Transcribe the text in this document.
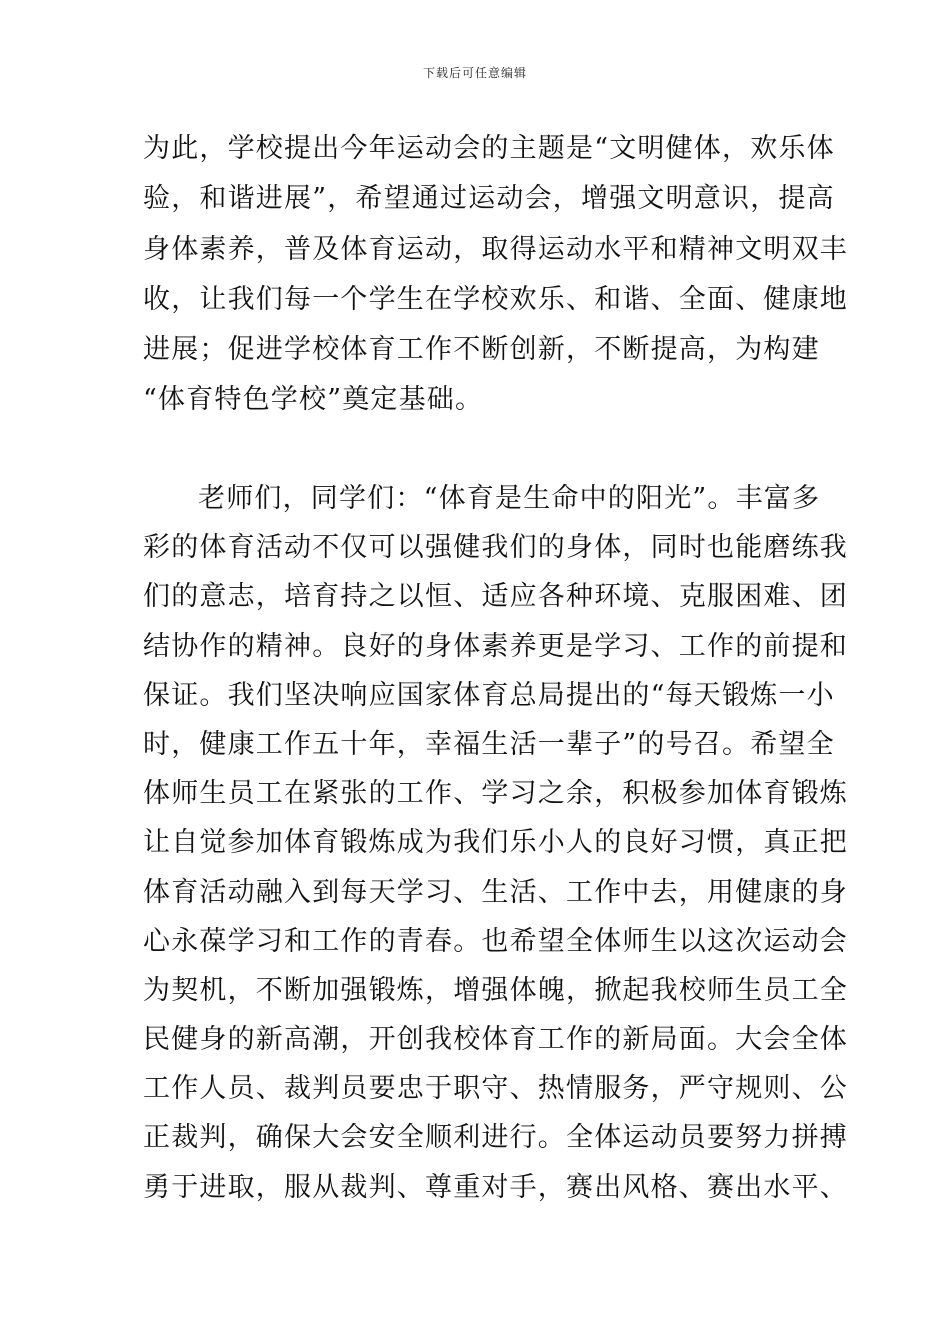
下载后可任意编辑
为此，学校提出今年运动会的主题是“文明健体，欢乐体
验，和谐进展”，希望通过运动会，增强文明意识，提高
身体素养，普及体育运动，取得运动水平和精神文明双丰
收，让我们每一个学生在学校欢乐、和谐、全面、健康地
进展；促进学校体育工作不断创新，不断提高，为构建
“体育特色学校”奠定基础。
老师们，同学们：“体育是生命中的阳光”。丰富多
彩的体育活动不仅可以强健我们的身体，同时也能磨练我
们的意志，培育持之以恒、适应各种环境、克服困难、团
结协作的精神。良好的身体素养更是学习、工作的前提和
保证。我们坚决响应国家体育总局提出的“每天锻炼一小
时，健康工作五十年，幸福生活一辈子”的号召。希望全
体师生员工在紧张的工作、学习之余，积极参加体育锻炼
让自觉参加体育锻炼成为我们乐小人的良好习惯，真正把
体育活动融入到每天学习、生活、工作中去，用健康的身
心永葆学习和工作的青春。也希望全体师生以这次运动会
为契机，不断加强锻炼，增强体魄，掀起我校师生员工全
民健身的新高潮，开创我校体育工作的新局面。大会全体
工作人员、裁判员要忠于职守、热情服务，严守规则、公
正裁判，确保大会安全顺利进行。全体运动员要努力拼搏
勇于进取，服从裁判、尊重对手，赛出风格、赛出水平、
